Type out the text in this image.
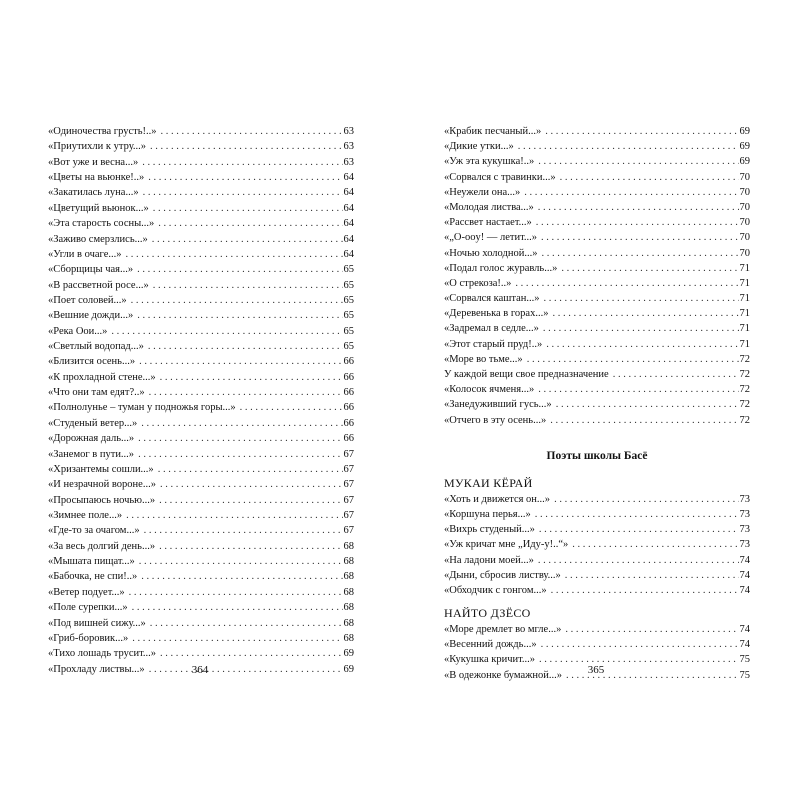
«Одиночества грусть!..» . . .	63
«Приутихли к утру...» . . .	63
«Вот уже и весна...» . . .	63
«Цветы на вьюнке!..» . . .	64
«Закатилась луна...» . . .	64
«Цветущий вьюнок...» . . .	64
«Эта старость сосны...» . . .	64
«Заживо смерзлись...» . . .	64
«Угли в очаге...» . . .	64
«Сборщицы чая...» . . .	65
«В рассветной росе...» . . .	65
«Поет соловей...» . . .	65
«Вешние дожди...» . . .	65
«Река Оои...» . . .	65
«Светлый водопад...» . . .	65
«Близится осень...» . . .	66
«К прохладной стене...» . . .	66
«Что они там едят?..» . . .	66
«Полнолунье – туман у подножья горы...» . . .	66
«Студеный ветер...» . . .	66
«Дорожная даль...» . . .	66
«Занемог в пути...» . . .	67
«Хризантемы сошли...» . . .	67
«И незрачной вороне...» . . .	67
«Просыпаюсь ночью...» . . .	67
«Зимнее поле...» . . .	67
«Где-то за очагом...» . . .	67
«За весь долгий день...» . . .	68
«Мышата пищат...» . . .	68
«Бабочка, не спи!..» . . .	68
«Ветер подует...» . . .	68
«Поле сурепки...» . . .	68
«Под вишней сижу...» . . .	68
«Гриб-боровик...» . . .	68
«Тихо лошадь трусит...» . . .	69
«Прохладу листвы...» . . .	69
«Крабик песчаный...» . . .	69
«Дикие утки...» . . .	69
«Уж эта кукушка!..» . . .	69
«Сорвался с травинки...» . . .	70
«Неужели она...» . . .	70
«Молодая листва...» . . .	70
«Рассвет настает...» . . .	70
«„О-оoy! — летит...» . . .	70
«Ночью холодной...» . . .	70
«Подал голос журавль...» . . .	71
«О стрекоза!..» . . .	71
«Сорвался каштан...» . . .	71
«Деревенька в горах...» . . .	71
«Задремал в седле...» . . .	71
«Этот старый пруд!..» . . .	71
«Море во тьме...» . . .	72
У каждой вещи свое предназначение . . .	72
«Колосок ячменя...» . . .	72
«Занедуживший гусь...» . . .	72
«Отчего в эту осень...» . . .	72
Поэты школы Басё
МУКАИ КЁРАЙ
«Хоть и движется он...» . . .	73
«Коршуна перья...» . . .	73
«Вихрь студеный...» . . .	73
«Уж кричат мне „Иду-у!..“» . . .	73
«На ладони моей...» . . .	74
«Дыни, сбросив листву...» . . .	74
«Обходчик с гонгом...» . . .	74
НАЙТО ДЗЁСО
«Море дремлет во мгле...» . . .	74
«Весенний дождь...» . . .	74
«Кукушка кричит...» . . .	75
«В одежонке бумажной...» . . .	75
364	365
